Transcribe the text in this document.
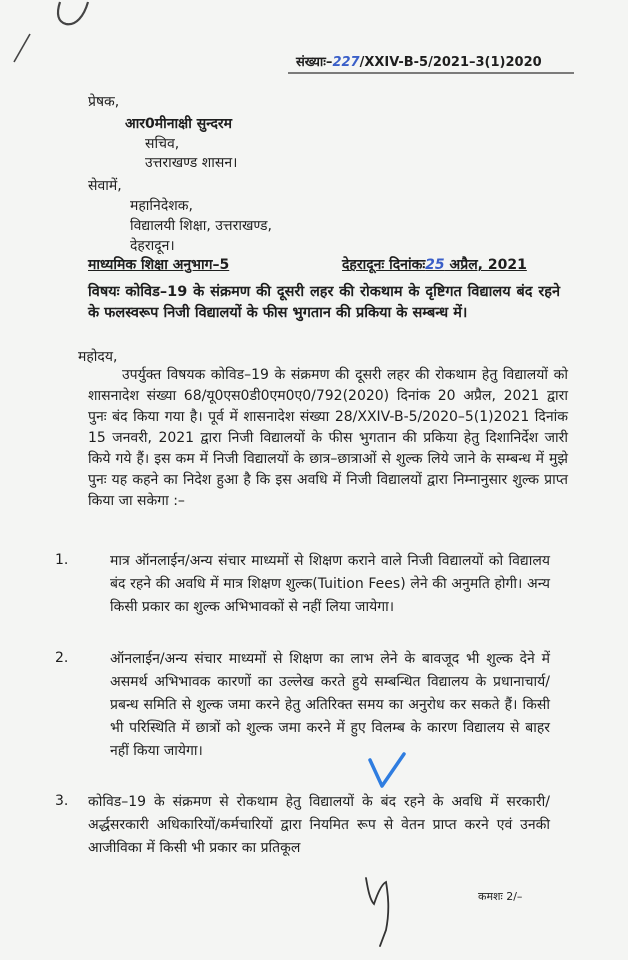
संख्याः–227/XXIV-B-5/2021–3(1)2020
प्रेषक,
आर0मीनाक्षी सुन्दरम
सचिव,
उत्तराखण्ड शासन।
सेवामें,
महानिदेशक,
विद्यालयी शिक्षा, उत्तराखण्ड,
देहरादून।
माध्यमिक शिक्षा अनुभाग–5	देहरादूनः दिनांकः25 अप्रैल, 2021
विषयः कोविड–19 के संक्रमण की दूसरी लहर की रोकथाम के दृष्टिगत विद्यालय बंद रहने के फलस्वरूप निजी विद्यालयों के फीस भुगतान की प्रकिया के सम्बन्ध में।
महोदय,
उपर्युक्त विषयक कोविड–19 के संक्रमण की दूसरी लहर की रोकथाम हेतु विद्यालयों को शासनादेश संख्या 68/यू0एस0डी0एम0ए0/792(2020) दिनांक 20 अप्रैल, 2021 द्वारा पुनः बंद किया गया है। पूर्व में शासनादेश संख्या 28/XXIV-B-5/2020–5(1)2021 दिनांक 15 जनवरी, 2021 द्वारा निजी विद्यालयों के फीस भुगतान की प्रकिया हेतु दिशानिर्देश जारी किये गये हैं। इस कम में निजी विद्यालयों के छात्र–छात्राओं से शुल्क लिये जाने के सम्बन्ध में मुझे पुनः यह कहने का निदेश हुआ है कि इस अवधि में निजी विद्यालयों द्वारा निम्नानुसार शुल्क प्राप्त किया जा सकेगा :–
1.	मात्र ऑनलाईन/अन्य संचार माध्यमों से शिक्षण कराने वाले निजी विद्यालयों को विद्यालय बंद रहने की अवधि में मात्र शिक्षण शुल्क(Tuition Fees) लेने की अनुमति होगी। अन्य किसी प्रकार का शुल्क अभिभावकों से नहीं लिया जायेगा।
2.	ऑनलाईन/अन्य संचार माध्यमों से शिक्षण का लाभ लेने के बावजूद भी शुल्क देने में असमर्थ अभिभावक कारणों का उल्लेख करते हुये सम्बन्धित विद्यालय के प्रधानाचार्य/प्रबन्ध समिति से शुल्क जमा करने हेतु अतिरिक्त समय का अनुरोध कर सकते हैं। किसी भी परिस्थिति में छात्रों को शुल्क जमा करने में हुए विलम्ब के कारण विद्यालय से बाहर नहीं किया जायेगा।
3. कोविड–19 के संक्रमण से रोकथाम हेतु विद्यालयों के बंद रहने के अवधि में सरकारी/अर्द्धसरकारी अधिकारियों/कर्मचारियों द्वारा नियमित रूप से वेतन प्राप्त करने एवं उनकी आजीविका में किसी भी प्रकार का प्रतिकूल
कमशः 2/–
